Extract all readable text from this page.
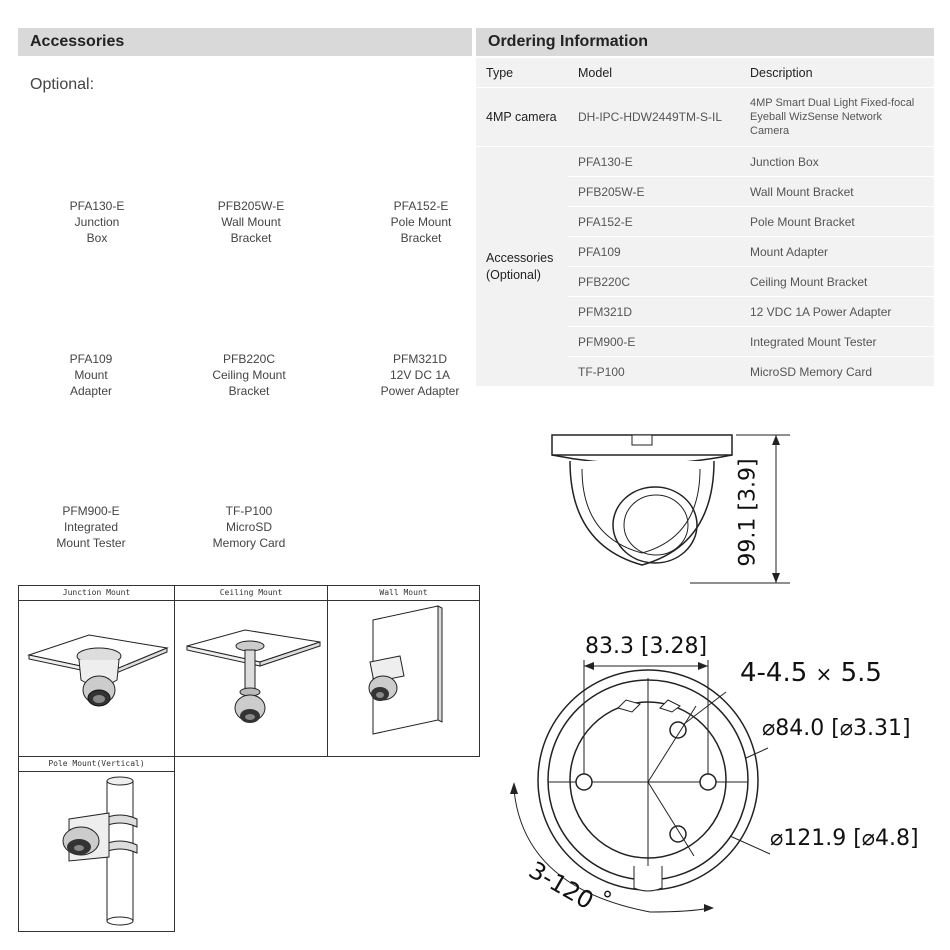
Accessories
Optional:
PFA130-E
Junction
Box
PFB205W-E
Wall Mount
Bracket
PFA152-E
Pole Mount
Bracket
PFA109
Mount
Adapter
PFB220C
Ceiling Mount
Bracket
PFM321D
12V DC 1A
Power Adapter
PFM900-E
Integrated
Mount Tester
TF-P100
MicroSD
Memory Card
Ordering Information
Type	Model	Description
4MP camera	DH-IPC-HDW2449TM-S-IL	4MP Smart Dual Light Fixed-focal Eyeball WizSense Network Camera
Accessories (Optional)	PFA130-E	Junction Box
	PFB205W-E	Wall Mount Bracket
	PFA152-E	Pole Mount Bracket
	PFA109	Mount Adapter
	PFB220C	Ceiling Mount Bracket
	PFM321D	12 VDC 1A Power Adapter
	PFM900-E	Integrated Mount Tester
	TF-P100	MicroSD Memory Card
Junction Mount	Ceiling Mount	Wall Mount
Pole Mount(Vertical)
99.1 [3.9]
83.3 [3.28]
4-4.5 × 5.5
⌀84.0 [⌀3.31]
⌀121.9 [⌀4.8]
3-120 °
